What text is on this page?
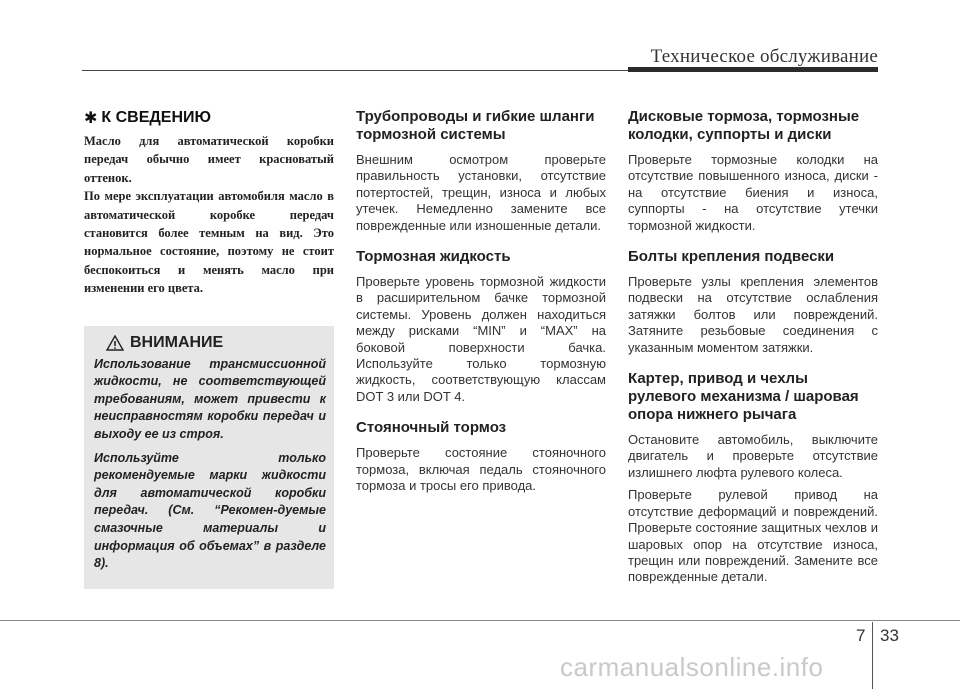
Техническое обслуживание
✱ К СВЕДЕНИЮ

Масло для автоматической коробки передач обычно имеет красноватый оттенок.

По мере эксплуатации автомобиля масло в автоматической коробке передач становится более темным на вид. Это нормальное состояние, поэтому не стоит беспокоиться и менять масло при изменении его цвета.

ВНИМАНИЕ

Использование трансмиссионной жидкости, не соответствующей требованиям, может привести к неисправностям коробки передач и выходу ее из строя.

Используйте только рекомендуемые марки жидкости для автоматической коробки передач. (См. “Рекомен-дуемые смазочные материалы и информация об объемах” в разделе 8).

Трубопроводы и гибкие шланги тормозной системы

Внешним осмотром проверьте правильность установки, отсутствие потертостей, трещин, износа и любых утечек. Немедленно замените все поврежденные или изношенные детали.

Тормозная жидкость

Проверьте уровень тормозной жидкости в расширительном бачке тормозной системы. Уровень должен находиться между рисками “MIN” и “MAX” на боковой поверхности бачка. Используйте только тормозную жидкость, соответствующую классам DOT 3 или DOT 4.

Стояночный тормоз

Проверьте состояние стояночного тормоза, включая педаль стояночного тормоза и тросы его привода.

Дисковые тормоза, тормозные колодки, суппорты и диски

Проверьте тормозные колодки на отсутствие повышенного износа, диски - на отсутствие биения и износа, суппорты - на отсутствие утечки тормозной жидкости.

Болты крепления подвески

Проверьте узлы крепления элементов подвески на отсутствие ослабления затяжки болтов или повреждений. Затяните резьбовые соединения с указанным моментом затяжки.

Картер, привод и чехлы рулевого механизма / шаровая опора нижнего рычага

Остановите автомобиль, выключите двигатель и проверьте отсутствие излишнего люфта рулевого колеса.

Проверьте рулевой привод на отсутствие деформаций и повреждений. Проверьте состояние защитных чехлов и шаровых опор на отсутствие износа, трещин или повреждений. Замените все поврежденные детали.

7 33
carmanualsonline.info
